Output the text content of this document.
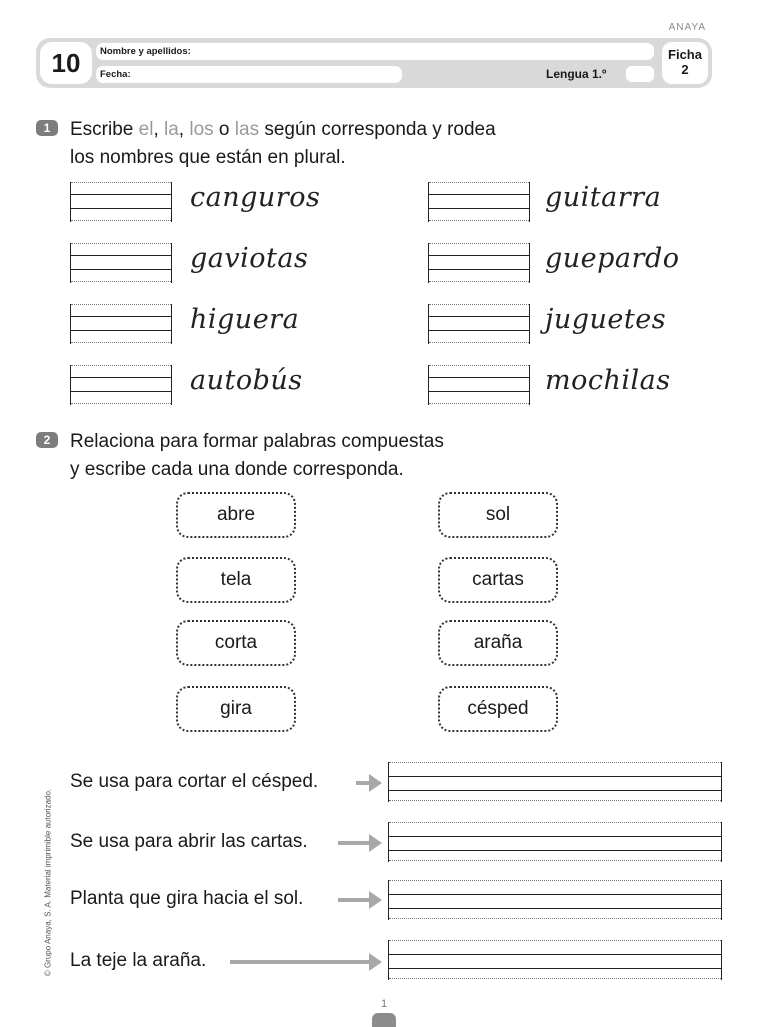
ANAYA
10	Nombre y apellidos:
Fecha:	Lengua 1.º
Ficha
2
1	Escribe el, la, los o las según corresponda y rodea
los nombres que están en plural.
canguros
gaviotas
higuera
autobús
guitarra
guepardo
juguetes
mochilas
2	Relaciona para formar palabras compuestas
y escribe cada una donde corresponda.
abre
tela
corta
gira
sol
cartas
araña
césped
Se usa para cortar el césped.
Se usa para abrir las cartas.
Planta que gira hacia el sol.
La teje la araña.
© Grupo Anaya, S. A. Material imprimible autorizado.
1
